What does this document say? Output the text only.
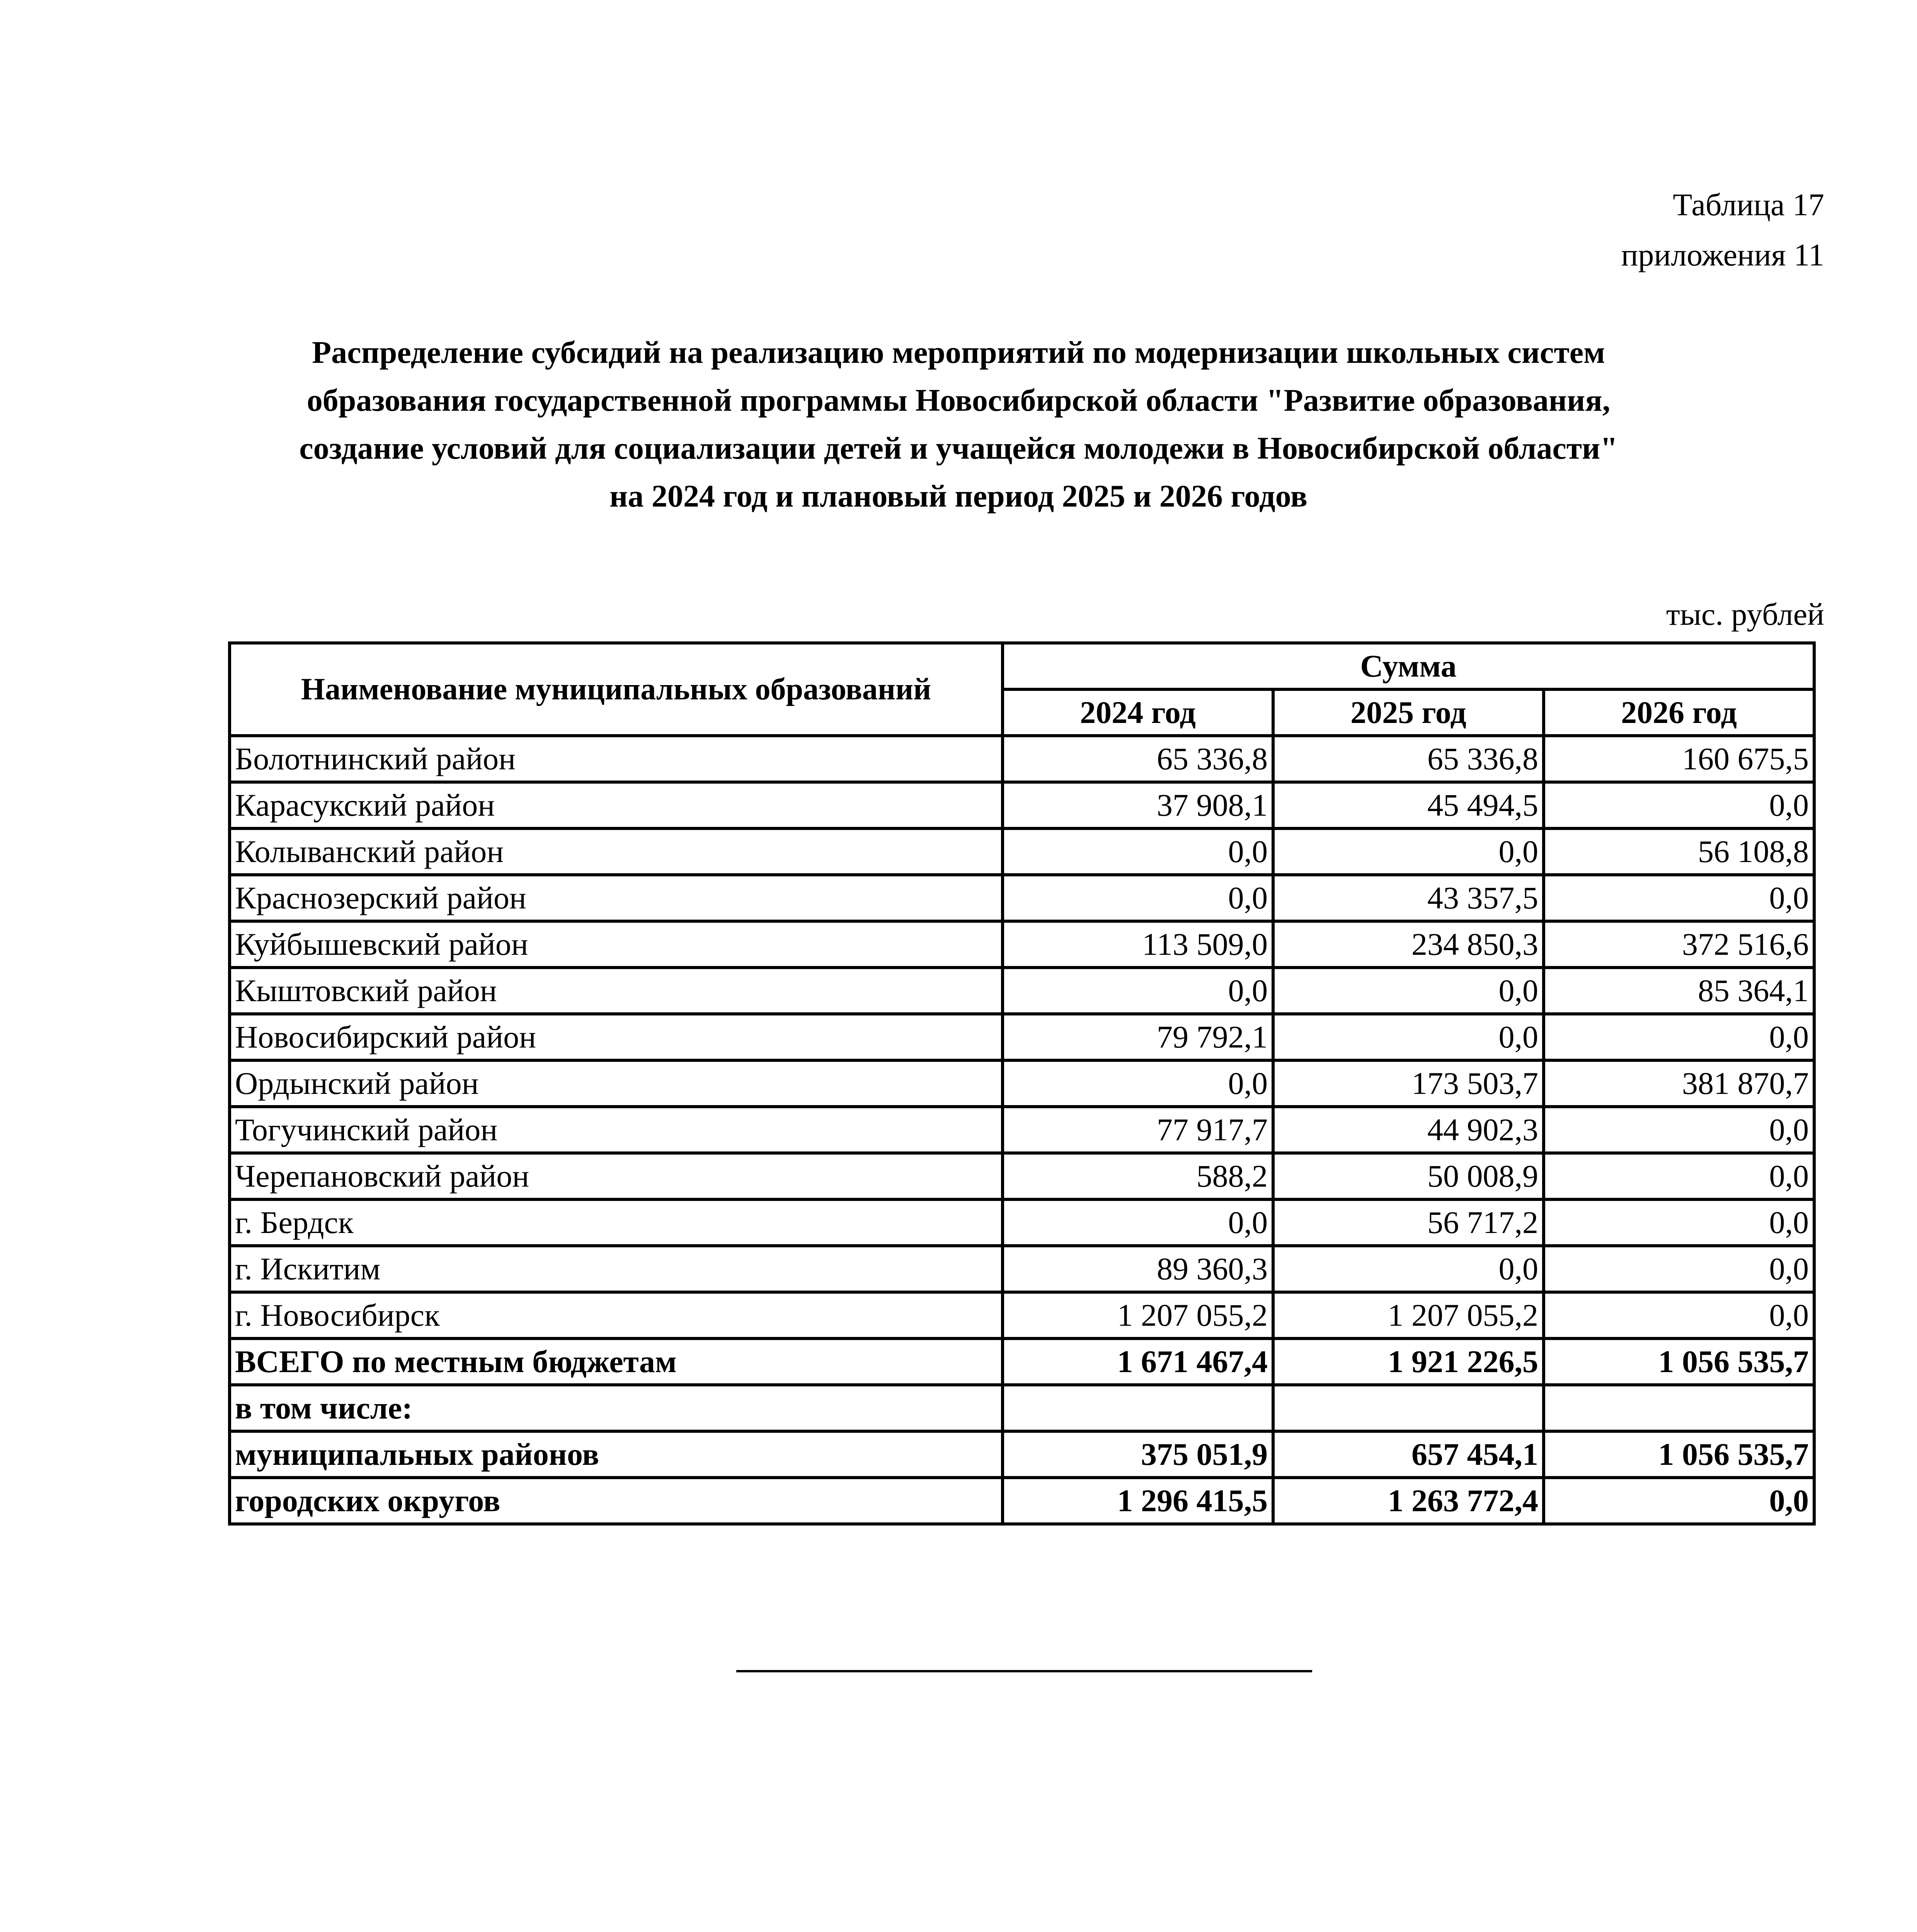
Таблица 17
приложения 11
Распределение субсидий на реализацию мероприятий по модернизации школьных систем
образования государственной программы Новосибирской области "Развитие образования,
создание условий для социализации детей и учащейся молодежи в Новосибирской области"
на 2024 год и плановый период 2025 и 2026 годов
тыс. рублей
Наименование муниципальных образований	Сумма		
	2024 год	2025 год	2026 год
Болотнинский район	65 336,8	65 336,8	160 675,5
Карасукский район	37 908,1	45 494,5	0,0
Колыванский район	0,0	0,0	56 108,8
Краснозерский район	0,0	43 357,5	0,0
Куйбышевский район	113 509,0	234 850,3	372 516,6
Кыштовский район	0,0	0,0	85 364,1
Новосибирский район	79 792,1	0,0	0,0
Ордынский район	0,0	173 503,7	381 870,7
Тогучинский район	77 917,7	44 902,3	0,0
Черепановский район	588,2	50 008,9	0,0
г. Бердск	0,0	56 717,2	0,0
г. Искитим	89 360,3	0,0	0,0
г. Новосибирск	1 207 055,2	1 207 055,2	0,0
ВСЕГО по местным бюджетам	1 671 467,4	1 921 226,5	1 056 535,7
в том числе:			
муниципальных районов	375 051,9	657 454,1	1 056 535,7
городских округов	1 296 415,5	1 263 772,4	0,0
